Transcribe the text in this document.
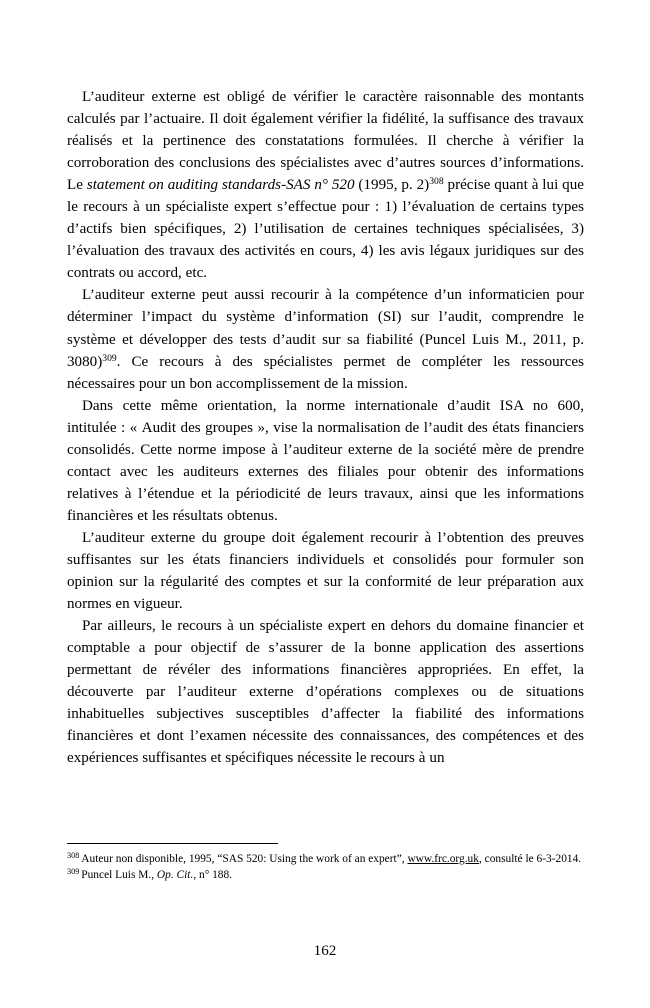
L’auditeur externe est obligé de vérifier le caractère raisonnable des montants calculés par l’actuaire. Il doit également vérifier la fidélité, la suffisance des travaux réalisés et la pertinence des constatations formulées. Il cherche à vérifier la corroboration des conclusions des spécialistes avec d’autres sources d’informations. Le statement on auditing standards-SAS n° 520 (1995, p. 2)$^{308}$ précise quant à lui que le recours à un spécialiste expert s’effectue pour : 1) l’évaluation de certains types d’actifs bien spécifiques, 2) l’utilisation de certaines techniques spécialisées, 3) l’évaluation des travaux des activités en cours, 4) les avis légaux juridiques sur des contrats ou accord, etc.

L’auditeur externe peut aussi recourir à la compétence d’un informaticien pour déterminer l’impact du système d’information (SI) sur l’audit, comprendre le système et développer des tests d’audit sur sa fiabilité (Puncel Luis M., 2011, p. 3080)$^{309}$. Ce recours à des spécialistes permet de compléter les ressources nécessaires pour un bon accomplissement de la mission.

Dans cette même orientation, la norme internationale d’audit ISA no 600, intitulée : « Audit des groupes », vise la normalisation de l’audit des états financiers consolidés. Cette norme impose à l’auditeur externe de la société mère de prendre contact avec les auditeurs externes des filiales pour obtenir des informations relatives à l’étendue et la périodicité de leurs travaux, ainsi que les informations financières et les résultats obtenus.

L’auditeur externe du groupe doit également recourir à l’obtention des preuves suffisantes sur les états financiers individuels et consolidés pour formuler son opinion sur la régularité des comptes et sur la conformité de leur préparation aux normes en vigueur.

Par ailleurs, le recours à un spécialiste expert en dehors du domaine financier et comptable a pour objectif de s’assurer de la bonne application des assertions permettant de révéler des informations financières appropriées. En effet, la découverte par l’auditeur externe d’opérations complexes ou de situations inhabituelles subjectives susceptibles d’affecter la fiabilité des informations financières et dont l’examen nécessite des connaissances, des compétences et des expériences suffisantes et spécifiques nécessite le recours à un

$^{308}$ Auteur non disponible, 1995, “SAS 520: Using the work of an expert”, www.frc.org.uk, consulté le 6-3-2014.

$^{309}$ Puncel Luis M., Op. Cit., n° 188.

162
